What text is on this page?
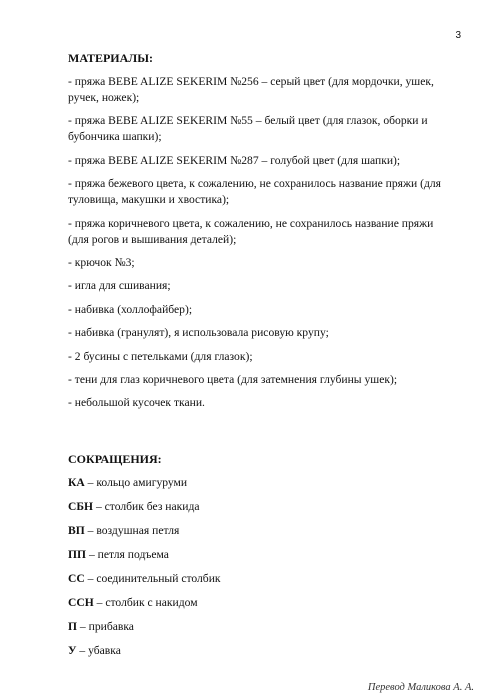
3
МАТЕРИАЛЫ:
- пряжа BEBE ALIZE SEKERIM №256 – серый цвет (для мордочки, ушек, ручек, ножек);
- пряжа BEBE ALIZE SEKERIM №55 – белый цвет (для глазок, оборки и бубончика шапки);
- пряжа BEBE ALIZE SEKERIM №287 – голубой цвет (для шапки);
- пряжа бежевого цвета, к сожалению, не сохранилось название пряжи (для туловища, макушки и хвостика);
- пряжа коричневого цвета, к сожалению, не сохранилось название пряжи (для рогов и вышивания деталей);
- крючок №3;
- игла для сшивания;
- набивка (холлофайбер);
- набивка (гранулят), я использовала рисовую крупу;
- 2 бусины с петельками (для глазок);
- тени для глаз коричневого цвета (для затемнения глубины ушек);
- небольшой кусочек ткани.
СОКРАЩЕНИЯ:
КА – кольцо амигуруми
СБН – столбик без накида
ВП – воздушная петля
ПП – петля подъема
СС – соединительный столбик
ССН – столбик с накидом
П – прибавка
У – убавка
Перевод Маликова А. А.
